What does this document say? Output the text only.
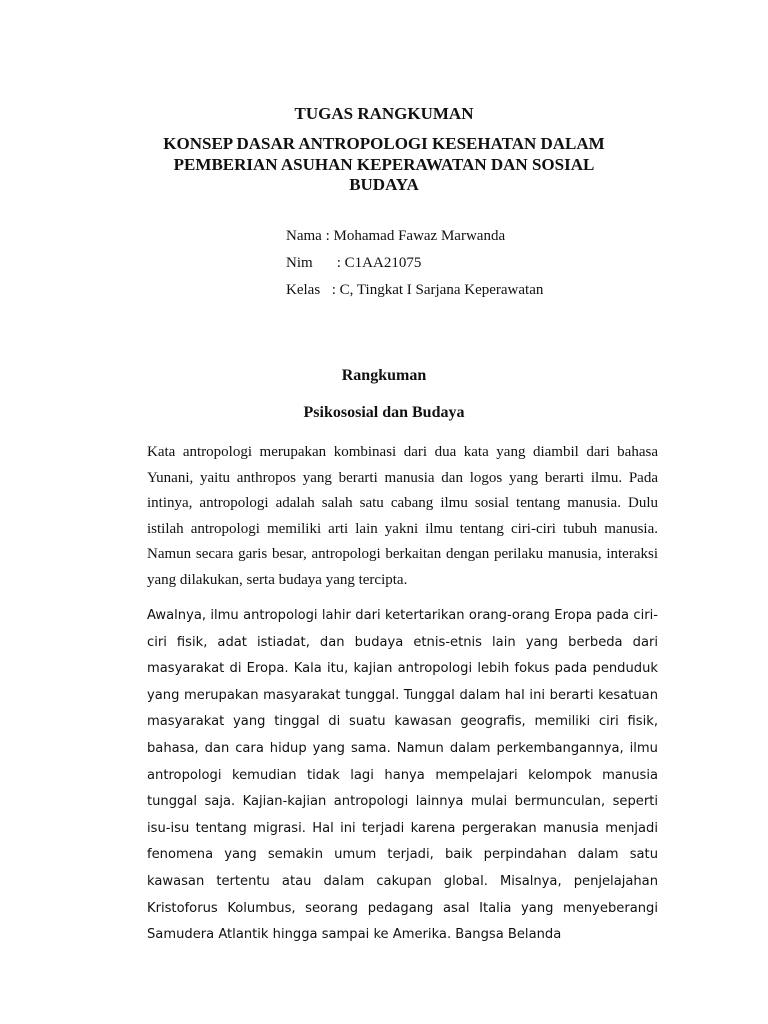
TUGAS RANGKUMAN
KONSEP DASAR ANTROPOLOGI KESEHATAN DALAM
PEMBERIAN ASUHAN KEPERAWATAN DAN SOSIAL
BUDAYA
Nama : Mohamad Fawaz Marwanda
Nim : C1AA21075
Kelas : C, Tingkat I Sarjana Keperawatan
Rangkuman
Psikososial dan Budaya

Kata antropologi merupakan kombinasi dari dua kata yang diambil dari bahasa Yunani, yaitu anthropos yang berarti manusia dan logos yang berarti ilmu. Pada intinya, antropologi adalah salah satu cabang ilmu sosial tentang manusia. Dulu istilah antropologi memiliki arti lain yakni ilmu tentang ciri-ciri tubuh manusia. Namun secara garis besar, antropologi berkaitan dengan perilaku manusia, interaksi yang dilakukan, serta budaya yang tercipta.

Awalnya, ilmu antropologi lahir dari ketertarikan orang-orang Eropa pada ciri-ciri fisik, adat istiadat, dan budaya etnis-etnis lain yang berbeda dari masyarakat di Eropa. Kala itu, kajian antropologi lebih fokus pada penduduk yang merupakan masyarakat tunggal. Tunggal dalam hal ini berarti kesatuan masyarakat yang tinggal di suatu kawasan geografis, memiliki ciri fisik, bahasa, dan cara hidup yang sama. Namun dalam perkembangannya, ilmu antropologi kemudian tidak lagi hanya mempelajari kelompok manusia tunggal saja. Kajian-kajian antropologi lainnya mulai bermunculan, seperti isu-isu tentang migrasi. Hal ini terjadi karena pergerakan manusia menjadi fenomena yang semakin umum terjadi, baik perpindahan dalam satu kawasan tertentu atau dalam cakupan global. Misalnya, penjelajahan Kristoforus Kolumbus, seorang pedagang asal Italia yang menyeberangi Samudera Atlantik hingga sampai ke Amerika. Bangsa Belanda
